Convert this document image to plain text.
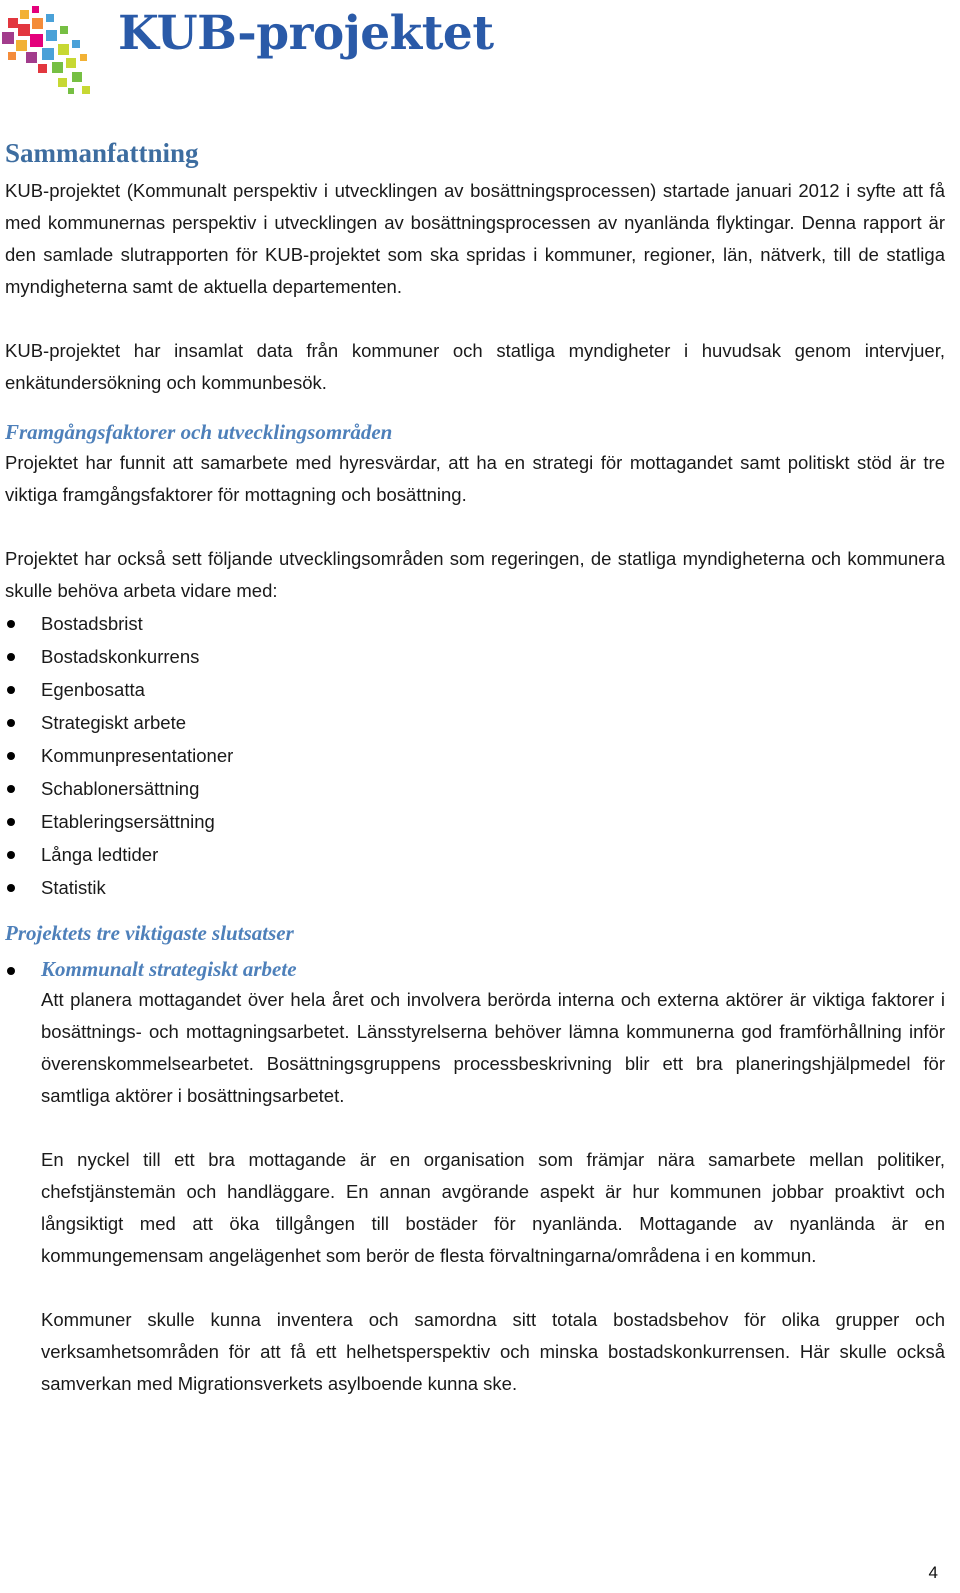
KUB-projektet
Sammanfattning

KUB-projektet (Kommunalt perspektiv i utvecklingen av bosättningsprocessen) startade januari 2012 i syfte att få med kommunernas perspektiv i utvecklingen av bosättningsprocessen av nyanlända flyktingar. Denna rapport är den samlade slutrapporten för KUB-projektet som ska spridas i kommuner, regioner, län, nätverk, till de statliga myndigheterna samt de aktuella departementen.

KUB-projektet har insamlat data från kommuner och statliga myndigheter i huvudsak genom intervjuer, enkätundersökning och kommunbesök.

Framgångsfaktorer och utvecklingsområden

Projektet har funnit att samarbete med hyresvärdar, att ha en strategi för mottagandet samt politiskt stöd är tre viktiga framgångsfaktorer för mottagning och bosättning.

Projektet har också sett följande utvecklingsområden som regeringen, de statliga myndigheterna och kommunera skulle behöva arbeta vidare med:

Bostadsbrist
Bostadskonkurrens
Egenbosatta
Strategiskt arbete
Kommunpresentationer
Schablonersättning
Etableringsersättning
Långa ledtider
Statistik
Projektets tre viktigaste slutsatser
Kommunalt strategiskt arbete

Att planera mottagandet över hela året och involvera berörda interna och externa aktörer är viktiga faktorer i bosättnings- och mottagningsarbetet. Länsstyrelserna behöver lämna kommunerna god framförhållning inför överenskommelsearbetet. Bosättningsgruppens processbeskrivning blir ett bra planeringshjälpmedel för samtliga aktörer i bosättningsarbetet.

En nyckel till ett bra mottagande är en organisation som främjar nära samarbete mellan politiker, chefstjänstemän och handläggare. En annan avgörande aspekt är hur kommunen jobbar proaktivt och långsiktigt med att öka tillgången till bostäder för nyanlända. Mottagande av nyanlända är en kommungemensam angelägenhet som berör de flesta förvaltningarna/områdena i en kommun.

Kommuner skulle kunna inventera och samordna sitt totala bostadsbehov för olika grupper och verksamhetsområden för att få ett helhetsperspektiv och minska bostadskonkurrensen. Här skulle också samverkan med Migrationsverkets asylboende kunna ske.

4
